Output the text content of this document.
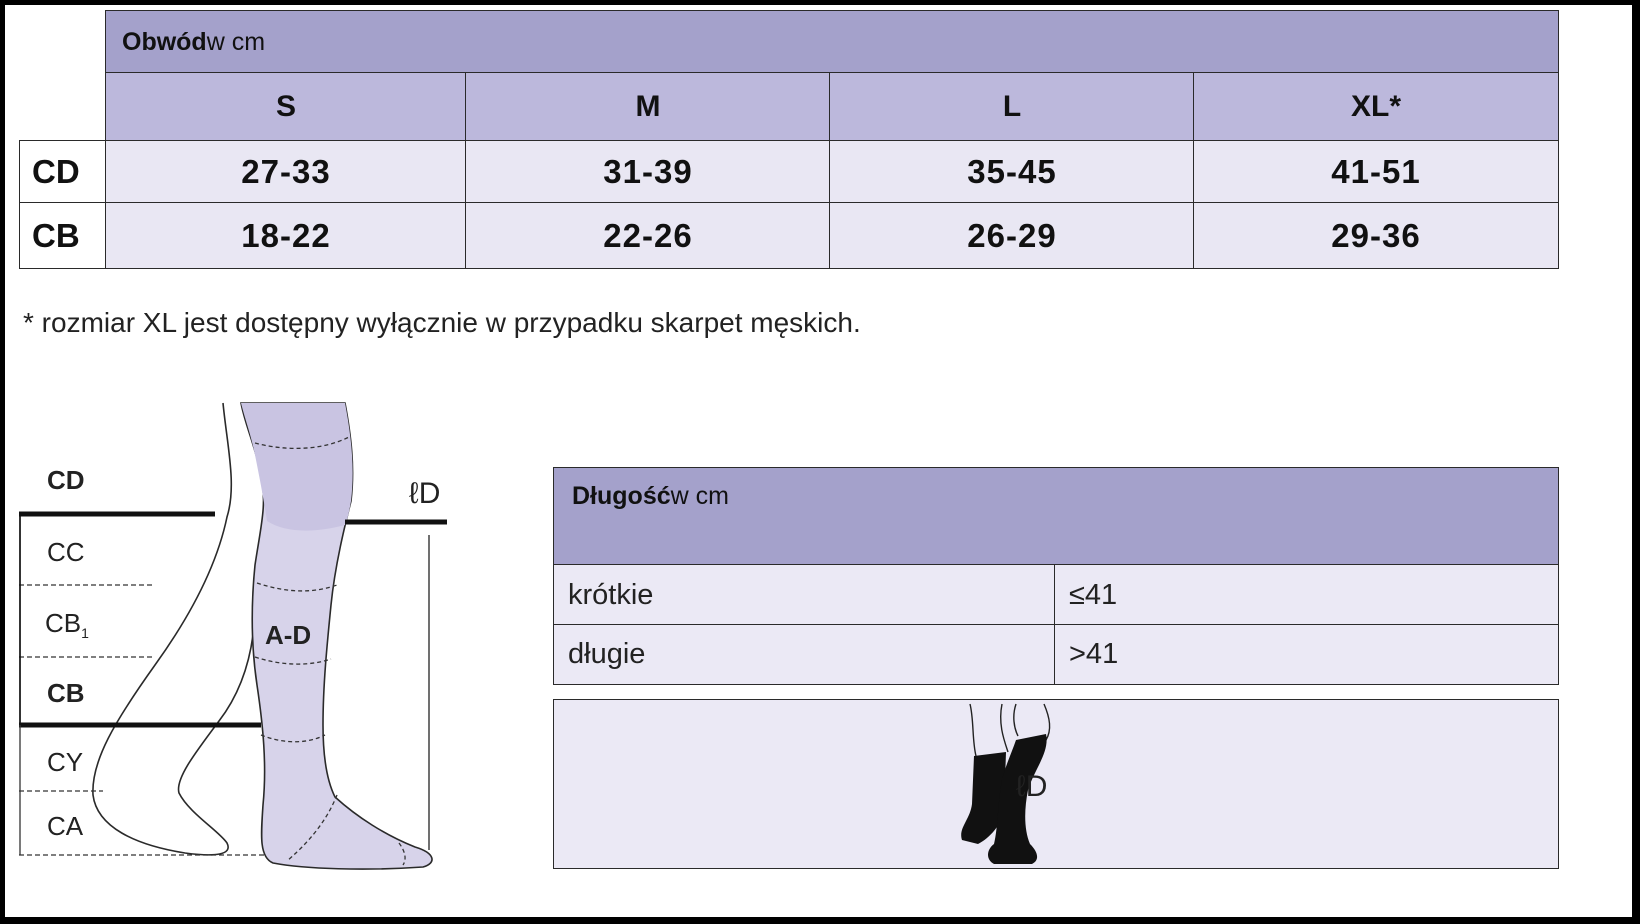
Obwód w cm
S	M	L	XL*
CD	27-33	31-39	35-45	41-51
CB	18-22	22-26	26-29	29-36
* rozmiar XL jest dostępny wyłącznie w przypadku skarpet męskich.
CD
CC
$CB_1$
CB
CY
CA
A-D
ℓD	Długość w cm
krótkie	≤41
długie	>41
ℓD
